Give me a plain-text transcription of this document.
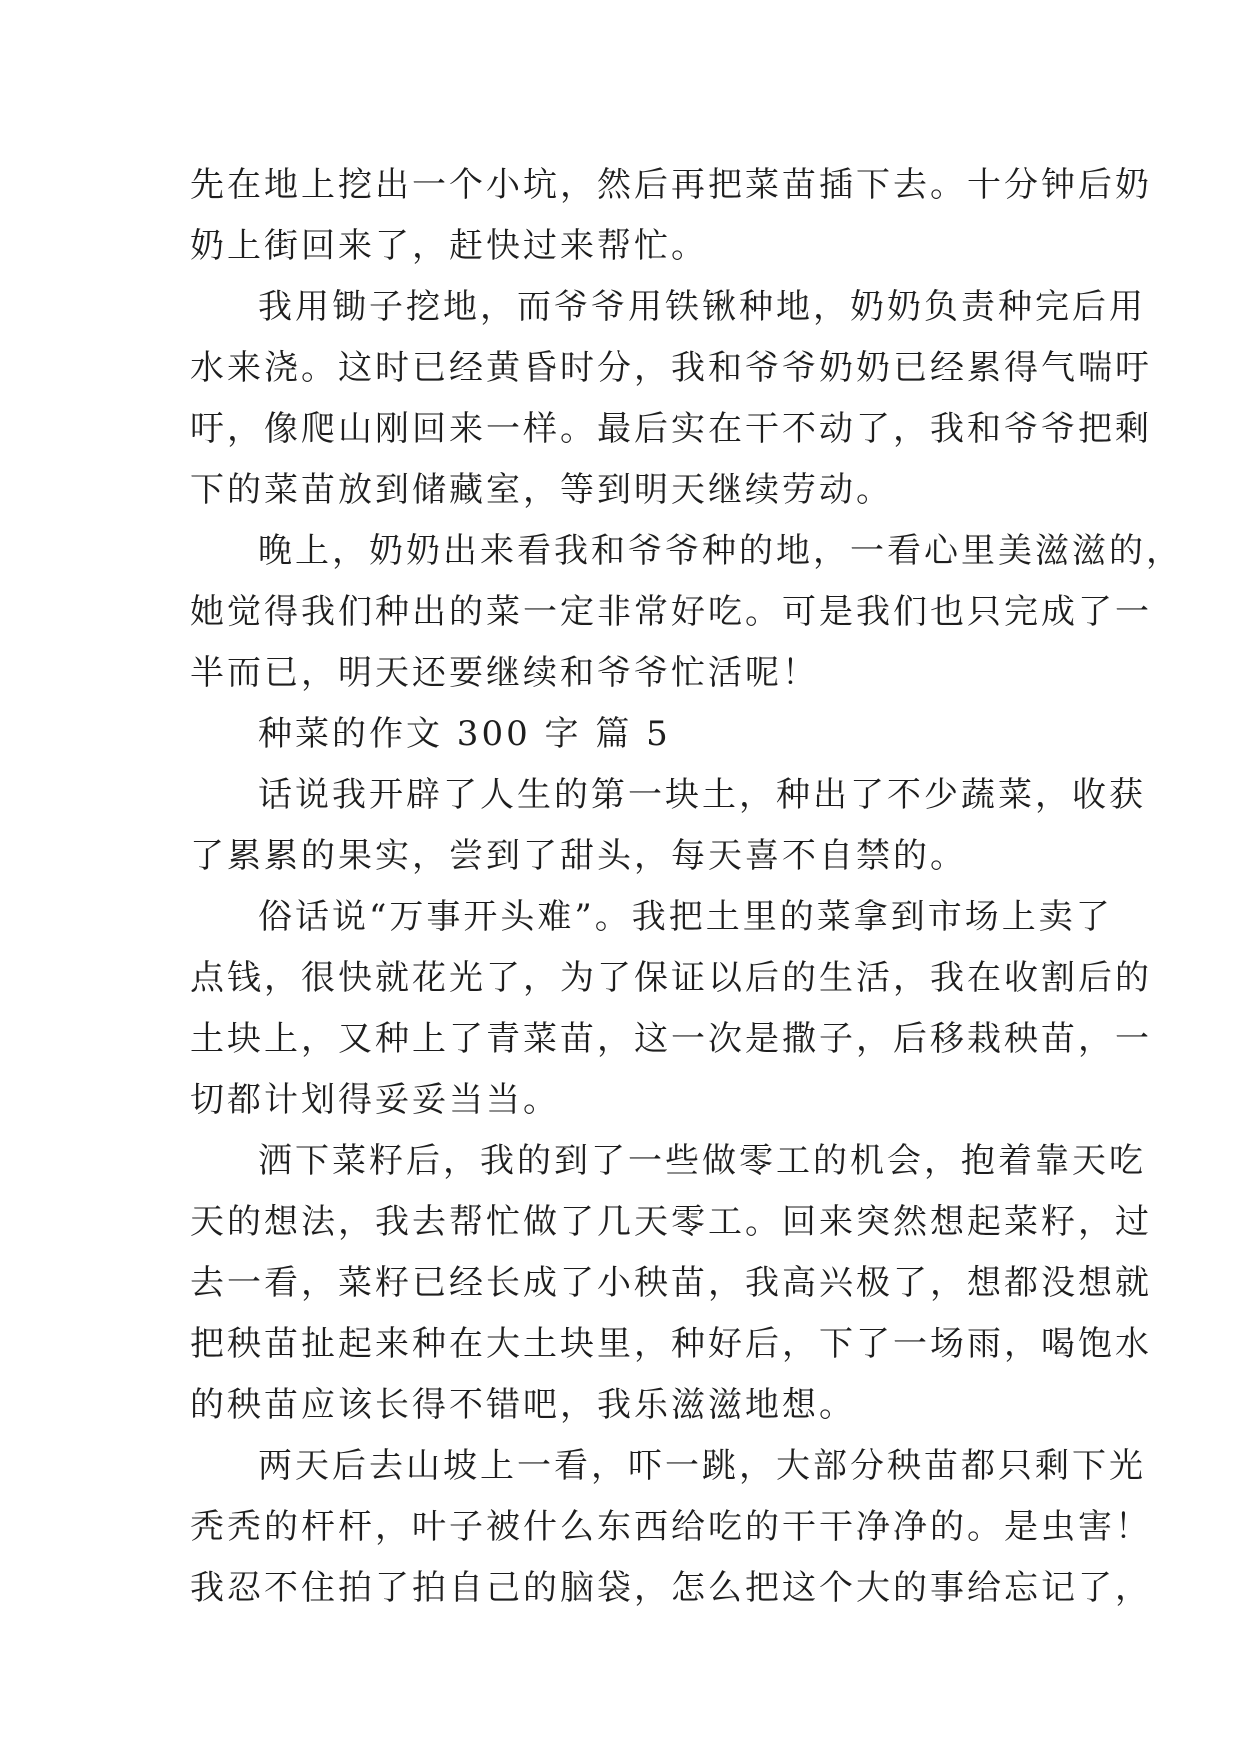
先在地上挖出一个小坑，然后再把菜苗插下去。十分钟后奶
奶上街回来了，赶快过来帮忙。
我用锄子挖地，而爷爷用铁锹种地，奶奶负责种完后用
水来浇。这时已经黄昏时分，我和爷爷奶奶已经累得气喘吁
吁，像爬山刚回来一样。最后实在干不动了，我和爷爷把剩
下的菜苗放到储藏室，等到明天继续劳动。
晚上，奶奶出来看我和爷爷种的地，一看心里美滋滋的，
她觉得我们种出的菜一定非常好吃。可是我们也只完成了一
半而已，明天还要继续和爷爷忙活呢！
种菜的作文 300 字 篇 5
话说我开辟了人生的第一块土，种出了不少蔬菜，收获
了累累的果实，尝到了甜头，每天喜不自禁的。
俗话说“万事开头难”。我把土里的菜拿到市场上卖了
点钱，很快就花光了，为了保证以后的生活，我在收割后的
土块上，又种上了青菜苗，这一次是撒子，后移栽秧苗，一
切都计划得妥妥当当。
洒下菜籽后，我的到了一些做零工的机会，抱着靠天吃
天的想法，我去帮忙做了几天零工。回来突然想起菜籽，过
去一看，菜籽已经长成了小秧苗，我高兴极了，想都没想就
把秧苗扯起来种在大土块里，种好后，下了一场雨，喝饱水
的秧苗应该长得不错吧，我乐滋滋地想。
两天后去山坡上一看，吓一跳，大部分秧苗都只剩下光
秃秃的杆杆，叶子被什么东西给吃的干干净净的。是虫害！
我忍不住拍了拍自己的脑袋，怎么把这个大的事给忘记了，
